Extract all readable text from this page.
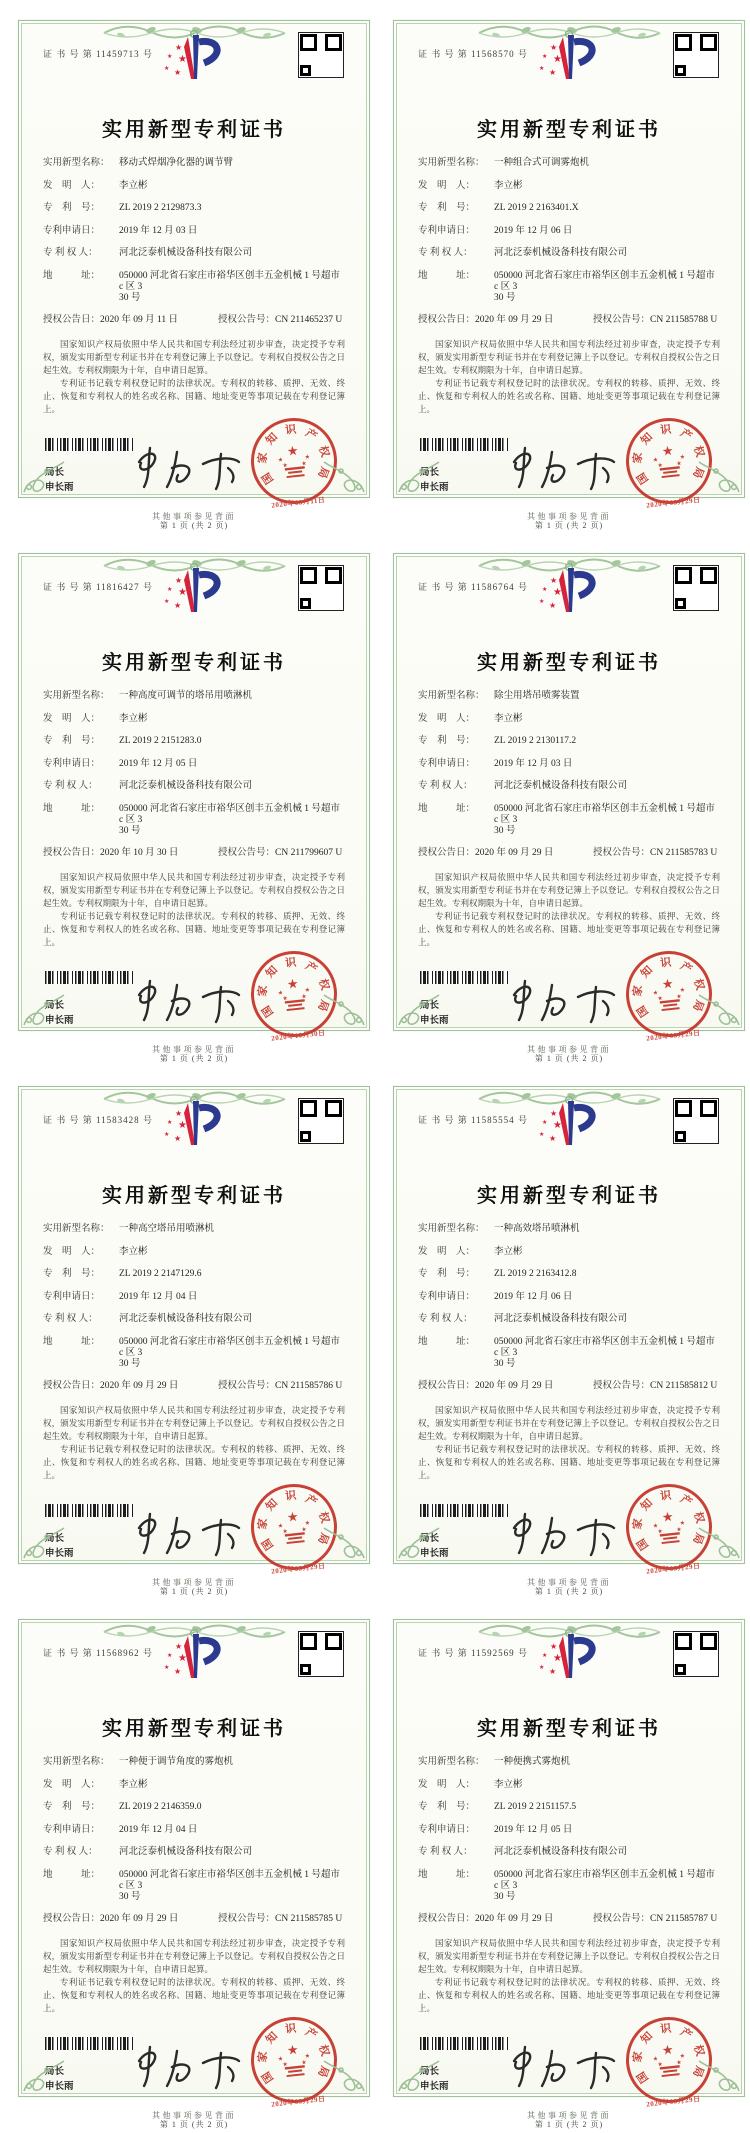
证 书 号 第 11459713 号
★
★ ★
★ ★
实用新型专利证书
实用新型名称： 移动式焊烟净化器的调节臂
发　明　人：	李立彬
专　利　号：	ZL 2019 2 2129873.3
专利申请日：	2019 年 12 月 03 日
专 利 权 人：	河北泛泰机械设备科技有限公司
地　　　址：	050000 河北省石家庄市裕华区创丰五金机械 1 号超市 c 区 3
30 号
授权公告日： 2020 年 09 月 11 日	授权公告号： CN 211465237 U

国家知识产权局依照中华人民共和国专利法经过初步审查，决定授予专利权，颁发实用新型专利证书并在专利登记簿上予以登记。专利权自授权公告之日起生效。专利权期限为十年，自申请日起算。

专利证书记载专利权登记时的法律状况。专利权的转移、质押、无效、终止、恢复和专利权人的姓名或名称、国籍、地址变更等事项记载在专利登记簿上。

局长
申长雨
国
家
知
识 产
权
局
★
★	★
★ ★
2020年09月11日
第 1 页 (共 2 页)
其他事项参见背面
证 书 号 第 11568570 号
★
★ ★
★ ★
实用新型专利证书
实用新型名称： 一种组合式可调雾炮机
发　明　人：	李立彬
专　利　号：	ZL 2019 2 2163401.X
专利申请日：	2019 年 12 月 06 日
专 利 权 人：	河北泛泰机械设备科技有限公司
地　　　址：	050000 河北省石家庄市裕华区创丰五金机械 1 号超市 c 区 3
30 号
授权公告日： 2020 年 09 月 29 日	授权公告号： CN 211585788 U

国家知识产权局依照中华人民共和国专利法经过初步审查，决定授予专利权，颁发实用新型专利证书并在专利登记簿上予以登记。专利权自授权公告之日起生效。专利权期限为十年，自申请日起算。

专利证书记载专利权登记时的法律状况。专利权的转移、质押、无效、终止、恢复和专利权人的姓名或名称、国籍、地址变更等事项记载在专利登记簿上。

局长
申长雨
国
家
知
识 产
权
局
★
★	★
★ ★
2020年09月29日
第 1 页 (共 2 页)
其他事项参见背面
证 书 号 第 11816427 号
★
★ ★
★ ★
实用新型专利证书
实用新型名称： 一种高度可调节的塔吊用喷淋机
发　明　人：	李立彬
专　利　号：	ZL 2019 2 2151283.0
专利申请日：	2019 年 12 月 05 日
专 利 权 人：	河北泛泰机械设备科技有限公司
地　　　址：	050000 河北省石家庄市裕华区创丰五金机械 1 号超市 c 区 3
30 号
授权公告日： 2020 年 10 月 30 日	授权公告号： CN 211799607 U

国家知识产权局依照中华人民共和国专利法经过初步审查，决定授予专利权，颁发实用新型专利证书并在专利登记簿上予以登记。专利权自授权公告之日起生效。专利权期限为十年，自申请日起算。

专利证书记载专利权登记时的法律状况。专利权的转移、质押、无效、终止、恢复和专利权人的姓名或名称、国籍、地址变更等事项记载在专利登记簿上。

局长
申长雨
国
家
知
识 产
权
局
★
★	★
★ ★
2020年10月30日
第 1 页 (共 2 页)
其他事项参见背面
证 书 号 第 11586764 号
★
★ ★
★ ★
实用新型专利证书
实用新型名称： 除尘用塔吊喷雾装置
发　明　人：	李立彬
专　利　号：	ZL 2019 2 2130117.2
专利申请日：	2019 年 12 月 03 日
专 利 权 人：	河北泛泰机械设备科技有限公司
地　　　址：	050000 河北省石家庄市裕华区创丰五金机械 1 号超市 c 区 3
30 号
授权公告日： 2020 年 09 月 29 日	授权公告号： CN 211585783 U

国家知识产权局依照中华人民共和国专利法经过初步审查，决定授予专利权，颁发实用新型专利证书并在专利登记簿上予以登记。专利权自授权公告之日起生效。专利权期限为十年，自申请日起算。

专利证书记载专利权登记时的法律状况。专利权的转移、质押、无效、终止、恢复和专利权人的姓名或名称、国籍、地址变更等事项记载在专利登记簿上。

局长
申长雨
国
家
知
识 产
权
局
★
★	★
★ ★
2020年09月29日
第 1 页 (共 2 页)
其他事项参见背面
证 书 号 第 11583428 号
★
★ ★
★ ★
实用新型专利证书
实用新型名称： 一种高空塔吊用喷淋机
发　明　人：	李立彬
专　利　号：	ZL 2019 2 2147129.6
专利申请日：	2019 年 12 月 04 日
专 利 权 人：	河北泛泰机械设备科技有限公司
地　　　址：	050000 河北省石家庄市裕华区创丰五金机械 1 号超市 c 区 3
30 号
授权公告日： 2020 年 09 月 29 日	授权公告号： CN 211585786 U

国家知识产权局依照中华人民共和国专利法经过初步审查，决定授予专利权，颁发实用新型专利证书并在专利登记簿上予以登记。专利权自授权公告之日起生效。专利权期限为十年，自申请日起算。

专利证书记载专利权登记时的法律状况。专利权的转移、质押、无效、终止、恢复和专利权人的姓名或名称、国籍、地址变更等事项记载在专利登记簿上。

局长
申长雨
国
家
知
识 产
权
局
★
★	★
★ ★
2020年09月29日
第 1 页 (共 2 页)
其他事项参见背面
证 书 号 第 11585554 号
★
★ ★
★ ★
实用新型专利证书
实用新型名称： 一种高效塔吊喷淋机
发　明　人：	李立彬
专　利　号：	ZL 2019 2 2163412.8
专利申请日：	2019 年 12 月 06 日
专 利 权 人：	河北泛泰机械设备科技有限公司
地　　　址：	050000 河北省石家庄市裕华区创丰五金机械 1 号超市 c 区 3
30 号
授权公告日： 2020 年 09 月 29 日	授权公告号： CN 211585812 U

国家知识产权局依照中华人民共和国专利法经过初步审查，决定授予专利权，颁发实用新型专利证书并在专利登记簿上予以登记。专利权自授权公告之日起生效。专利权期限为十年，自申请日起算。

专利证书记载专利权登记时的法律状况。专利权的转移、质押、无效、终止、恢复和专利权人的姓名或名称、国籍、地址变更等事项记载在专利登记簿上。

局长
申长雨
国
家
知
识 产
权
局
★
★	★
★ ★
2020年09月29日
第 1 页 (共 2 页)
其他事项参见背面
证 书 号 第 11568962 号
★
★ ★
★ ★
实用新型专利证书
实用新型名称： 一种便于调节角度的雾炮机
发　明　人：	李立彬
专　利　号：	ZL 2019 2 2146359.0
专利申请日：	2019 年 12 月 04 日
专 利 权 人：	河北泛泰机械设备科技有限公司
地　　　址：	050000 河北省石家庄市裕华区创丰五金机械 1 号超市 c 区 3
30 号
授权公告日： 2020 年 09 月 29 日	授权公告号： CN 211585785 U

国家知识产权局依照中华人民共和国专利法经过初步审查，决定授予专利权，颁发实用新型专利证书并在专利登记簿上予以登记。专利权自授权公告之日起生效。专利权期限为十年，自申请日起算。

专利证书记载专利权登记时的法律状况。专利权的转移、质押、无效、终止、恢复和专利权人的姓名或名称、国籍、地址变更等事项记载在专利登记簿上。

局长
申长雨
国
家
知
识 产
权
局
★
★	★
★ ★
2020年09月29日
第 1 页 (共 2 页)
其他事项参见背面
证 书 号 第 11592569 号
★
★ ★
★ ★
实用新型专利证书
实用新型名称： 一种便携式雾炮机
发　明　人：	李立彬
专　利　号：	ZL 2019 2 2151157.5
专利申请日：	2019 年 12 月 05 日
专 利 权 人：	河北泛泰机械设备科技有限公司
地　　　址：	050000 河北省石家庄市裕华区创丰五金机械 1 号超市 c 区 3
30 号
授权公告日： 2020 年 09 月 29 日	授权公告号： CN 211585787 U

国家知识产权局依照中华人民共和国专利法经过初步审查，决定授予专利权，颁发实用新型专利证书并在专利登记簿上予以登记。专利权自授权公告之日起生效。专利权期限为十年，自申请日起算。

专利证书记载专利权登记时的法律状况。专利权的转移、质押、无效、终止、恢复和专利权人的姓名或名称、国籍、地址变更等事项记载在专利登记簿上。

局长
申长雨
国
家
知
识 产
权
局
★
★	★
★ ★
2020年09月29日
第 1 页 (共 2 页)
其他事项参见背面
